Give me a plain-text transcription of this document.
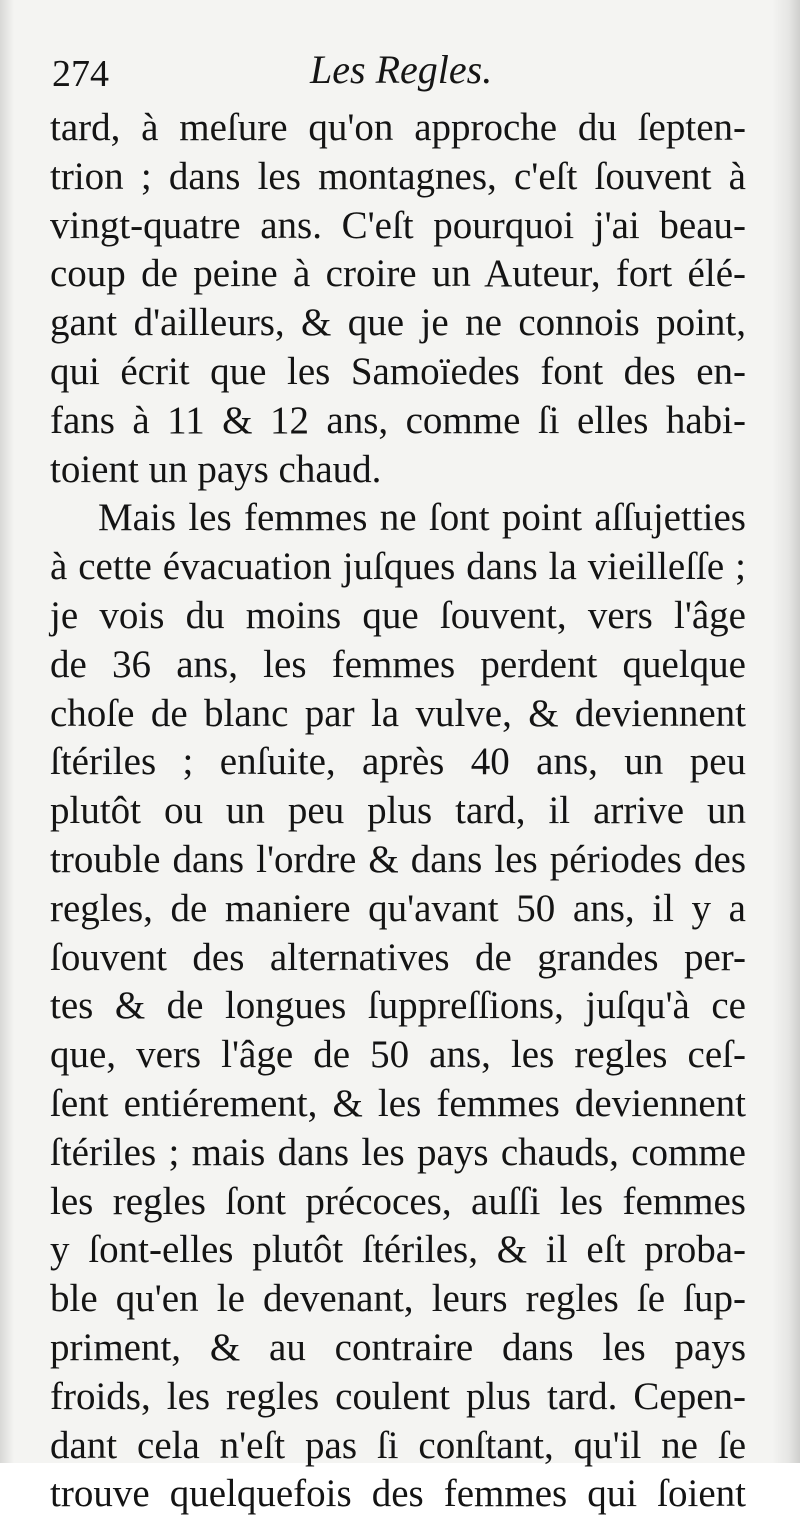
274	Les Regles.
tard, à meſure qu'on approche du ſepten-
trion ; dans les montagnes, c'eſt ſouvent à
vingt-quatre ans. C'eſt pourquoi j'ai beau-
coup de peine à croire un Auteur, fort élé-
gant d'ailleurs, & que je ne connois point,
qui écrit que les Samoïedes font des en-
fans à 11 & 12 ans, comme ſi elles habi-
toient un pays chaud.
Mais les femmes ne ſont point aſſujetties
à cette évacuation juſques dans la vieilleſſe ;
je vois du moins que ſouvent, vers l'âge
de 36 ans, les femmes perdent quelque
choſe de blanc par la vulve, & deviennent
ſtériles ; enſuite, après 40 ans, un peu
plutôt ou un peu plus tard, il arrive un
trouble dans l'ordre & dans les périodes des
regles, de maniere qu'avant 50 ans, il y a
ſouvent des alternatives de grandes per-
tes & de longues ſuppreſſions, juſqu'à ce
que, vers l'âge de 50 ans, les regles ceſ-
ſent entiérement, & les femmes deviennent
ſtériles ; mais dans les pays chauds, comme
les regles ſont précoces, auſſi les femmes
y ſont-elles plutôt ſtériles, & il eſt proba-
ble qu'en le devenant, leurs regles ſe ſup-
priment, & au contraire dans les pays
froids, les regles coulent plus tard. Cepen-
dant cela n'eſt pas ſi conſtant, qu'il ne ſe
trouve quelquefois des femmes qui ſoient
